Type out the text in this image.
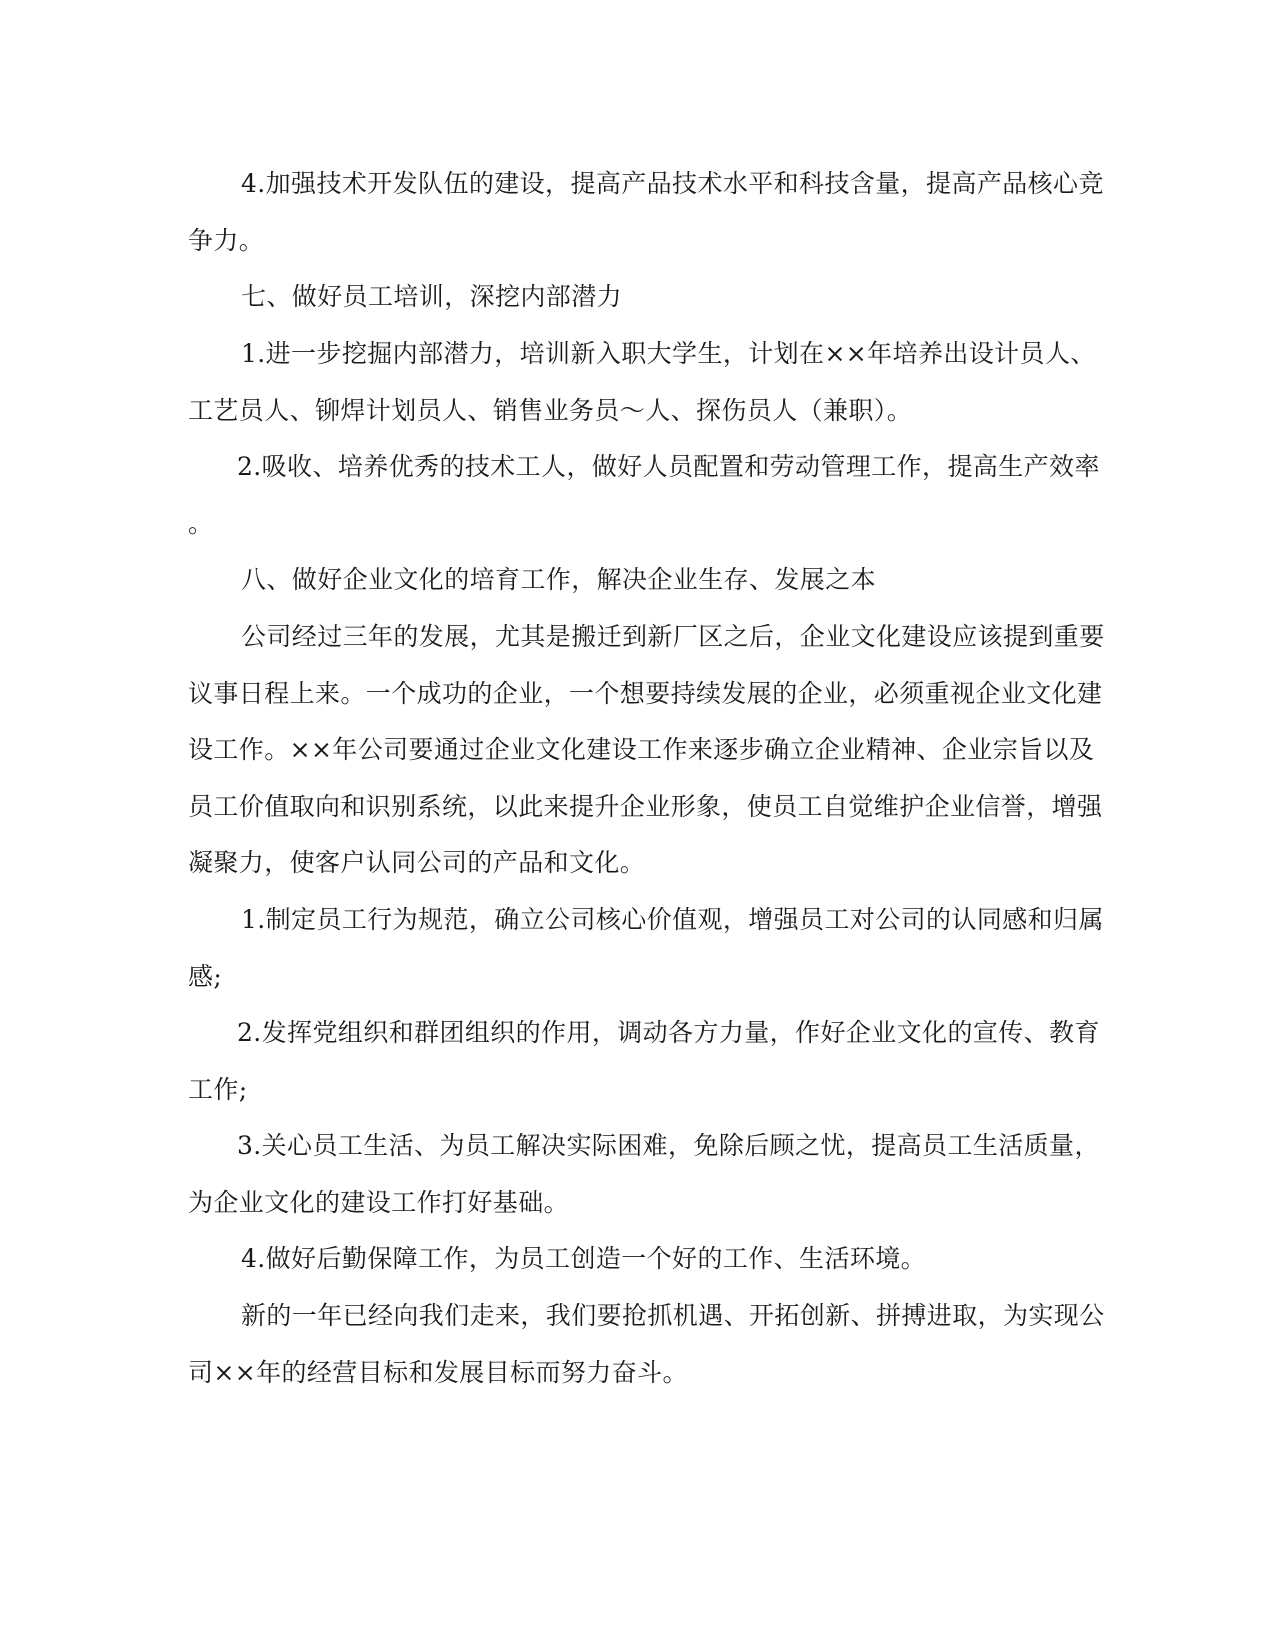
4.加强技术开发队伍的建设，提高产品技术水平和科技含量，提高产品核心竞
争力。
七、做好员工培训，深挖内部潜力
1.进一步挖掘内部潜力，培训新入职大学生，计划在××年培养出设计员人、
工艺员人、铆焊计划员人、销售业务员～人、探伤员人（兼职）。
2.吸收、培养优秀的技术工人，做好人员配置和劳动管理工作，提高生产效率
。
八、做好企业文化的培育工作，解决企业生存、发展之本
公司经过三年的发展，尤其是搬迁到新厂区之后，企业文化建设应该提到重要
议事日程上来。一个成功的企业，一个想要持续发展的企业，必须重视企业文化建
设工作。××年公司要通过企业文化建设工作来逐步确立企业精神、企业宗旨以及
员工价值取向和识别系统，以此来提升企业形象，使员工自觉维护企业信誉，增强
凝聚力，使客户认同公司的产品和文化。
1.制定员工行为规范，确立公司核心价值观，增强员工对公司的认同感和归属
感;
2.发挥党组织和群团组织的作用，调动各方力量，作好企业文化的宣传、教育
工作;
3.关心员工生活、为员工解决实际困难，免除后顾之忧，提高员工生活质量，
为企业文化的建设工作打好基础。
4.做好后勤保障工作，为员工创造一个好的工作、生活环境。
新的一年已经向我们走来，我们要抢抓机遇、开拓创新、拼搏进取，为实现公
司××年的经营目标和发展目标而努力奋斗。
